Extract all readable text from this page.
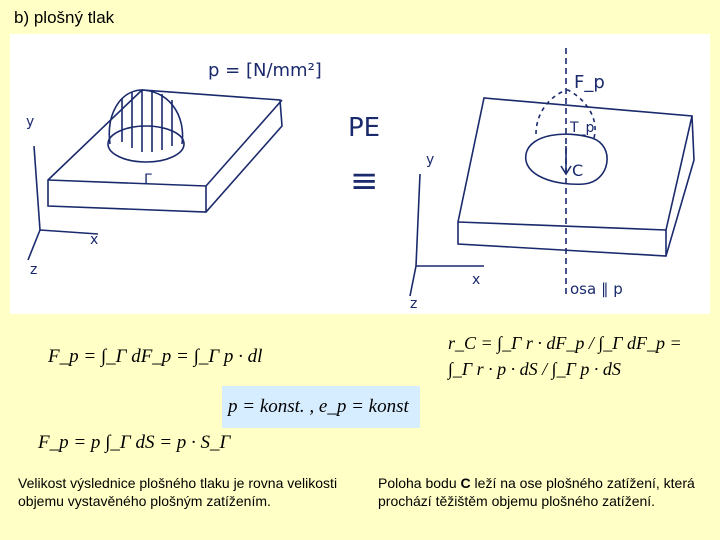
b) plošný tlak
p = [N/mm²]
Γ
y
x
z
PE
≡
F_p
T_p
C
y
x
z
osa ∥ p
F_p = ∫_Γ dF_p = ∫_Γ p · dl
p = konst. , e_p = konst
F_p = p ∫_Γ dS = p · S_Γ
r_C = ∫_Γ r · dF_p / ∫_Γ dF_p = ∫_Γ r · p · dS / ∫_Γ p · dS
Velikost výslednice plošného tlaku je rovna velikosti objemu vystavěného plošným zatížením.
Poloha bodu C leží na ose plošného zatížení, která prochází těžištěm objemu plošného zatížení.
